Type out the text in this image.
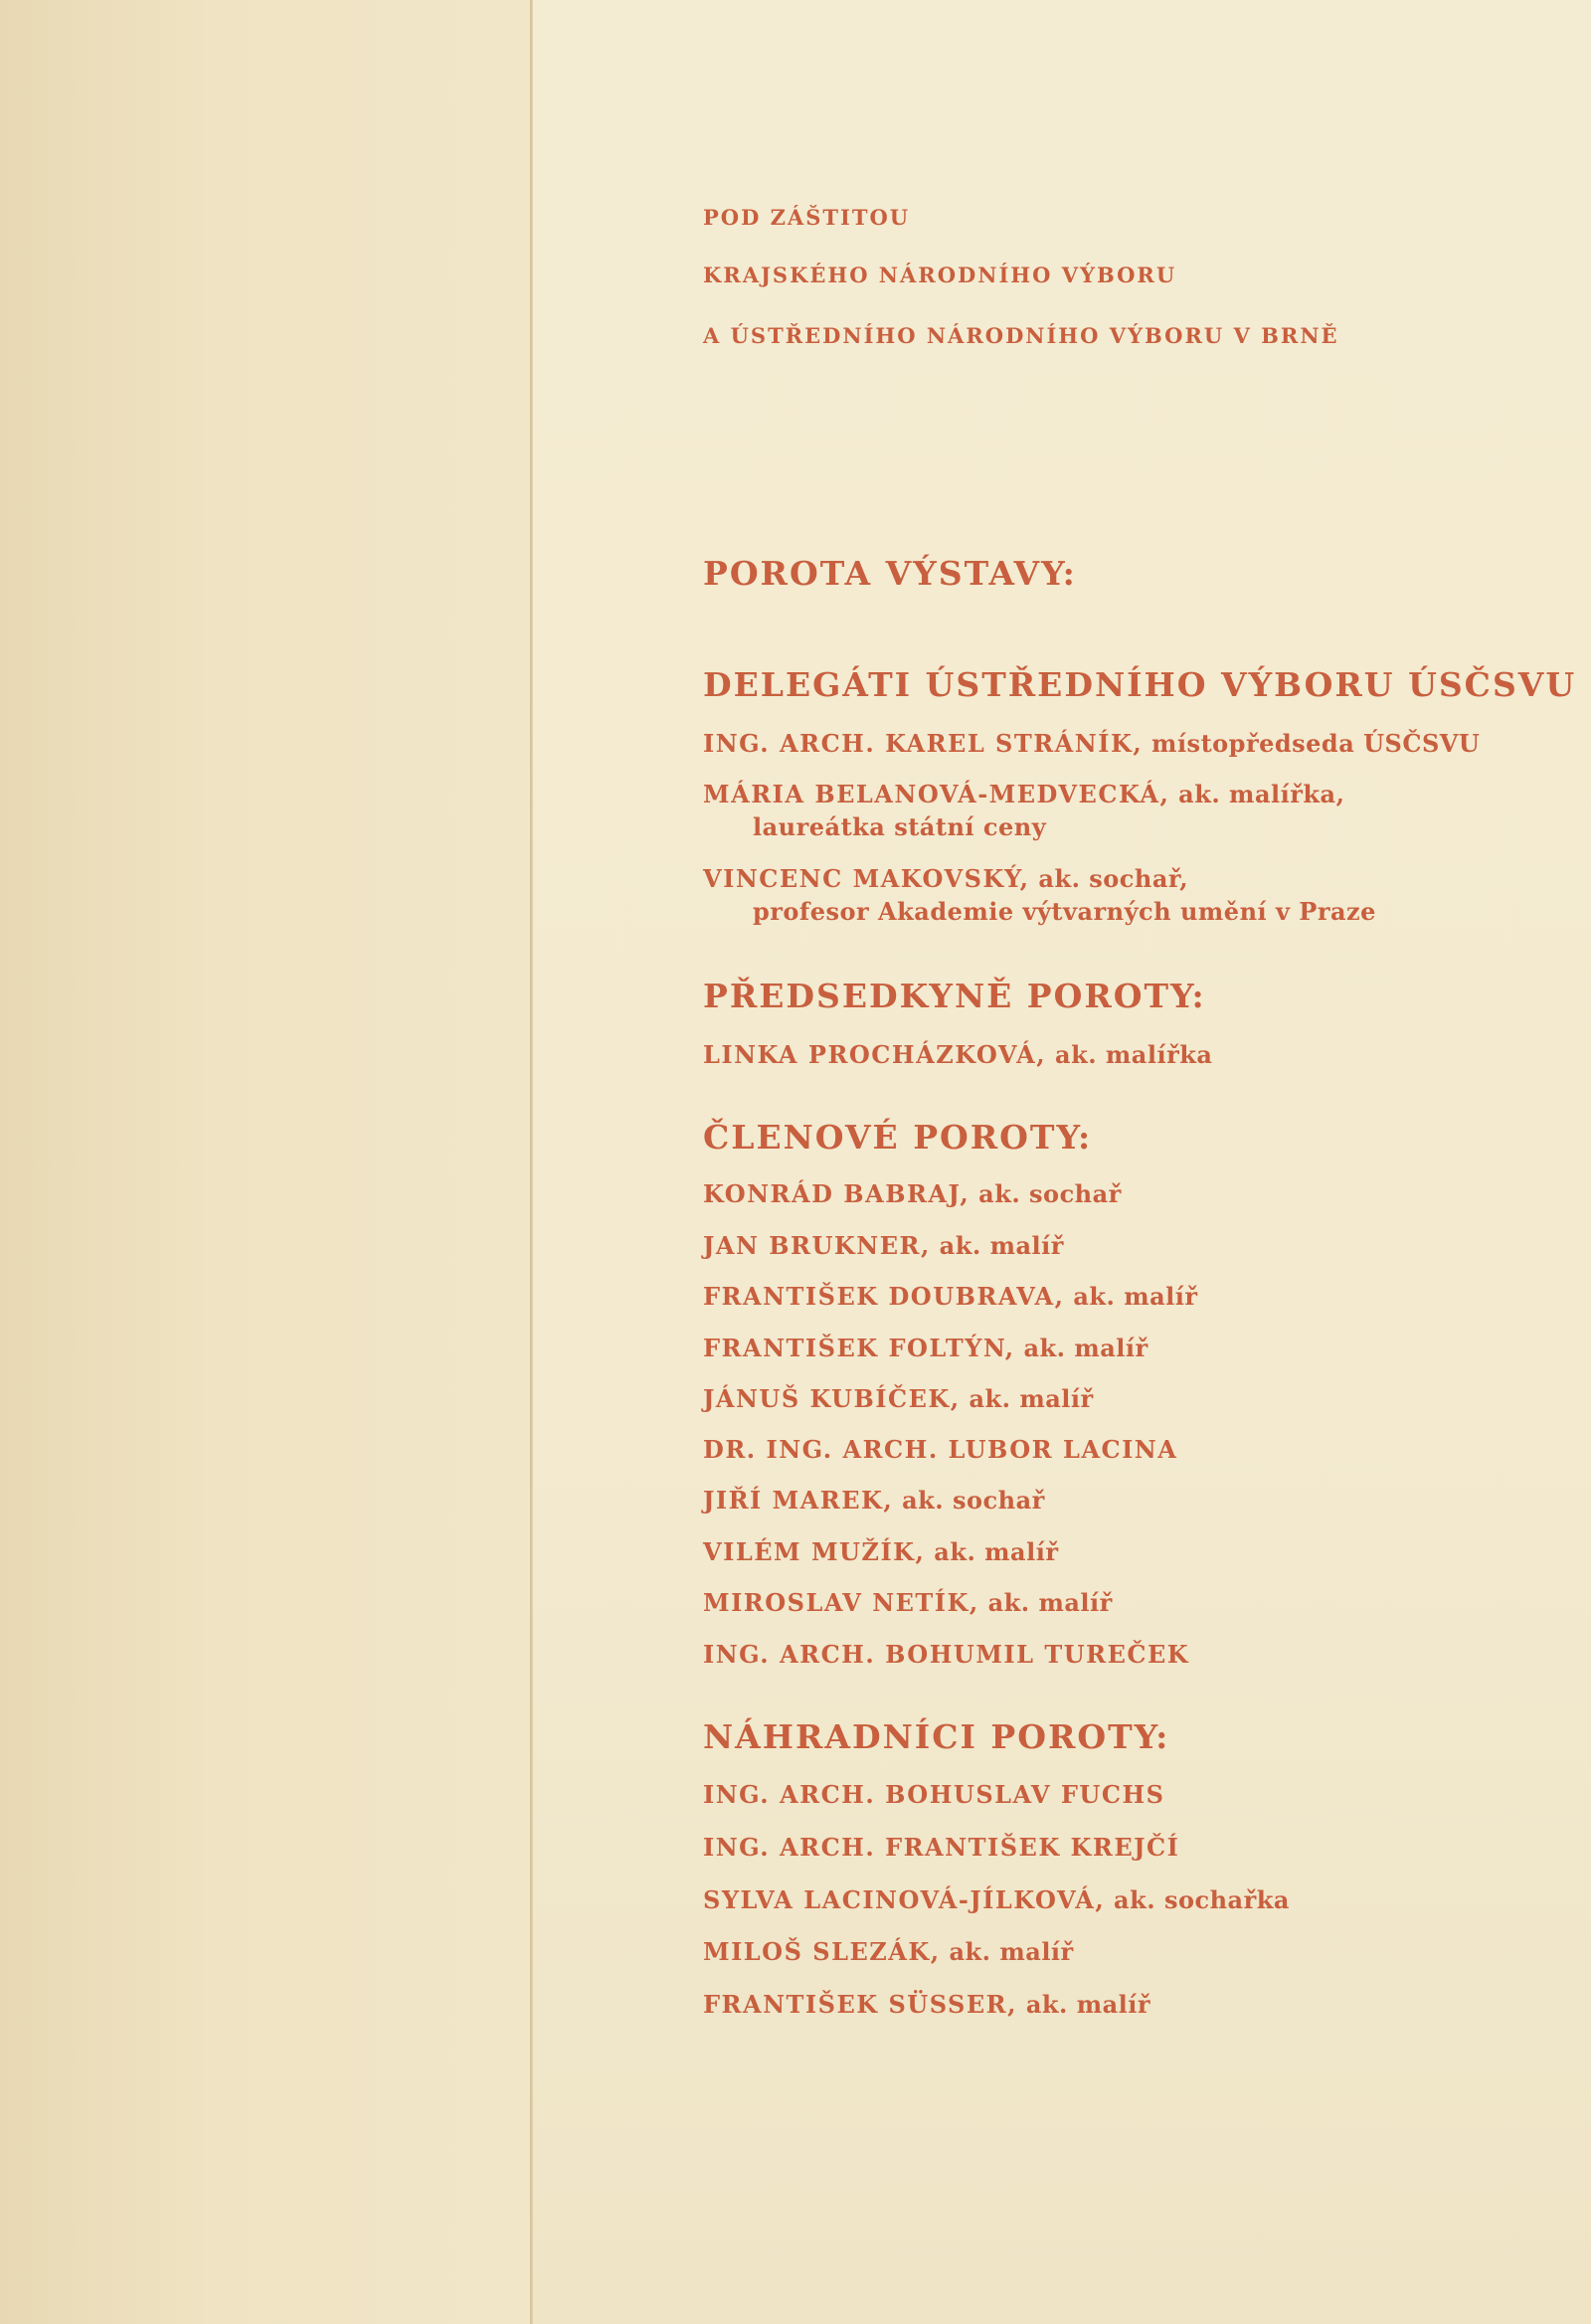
POD ZÁŠTITOU
KRAJSKÉHO NÁRODNÍHO VÝBORU
A ÚSTŘEDNÍHO NÁRODNÍHO VÝBORU V BRNĚ
POROTA VÝSTAVY:
DELEGÁTI ÚSTŘEDNÍHO VÝBORU ÚSČSVU
ING. ARCH. KAREL STRÁNÍK, místopředseda ÚSČSVU
MÁRIA BELANOVÁ-MEDVECKÁ, ak. malířka,
laureátka státní ceny
VINCENC MAKOVSKÝ, ak. sochař,
profesor Akademie výtvarných umění v Praze
PŘEDSEDKYNĚ POROTY:
LINKA PROCHÁZKOVÁ, ak. malířka
ČLENOVÉ POROTY:
KONRÁD BABRAJ, ak. sochař
JAN BRUKNER, ak. malíř
FRANTIŠEK DOUBRAVA, ak. malíř
FRANTIŠEK FOLTÝN, ak. malíř
JÁNUŠ KUBÍČEK, ak. malíř
DR. ING. ARCH. LUBOR LACINA
JIŘÍ MAREK, ak. sochař
VILÉM MUŽÍK, ak. malíř
MIROSLAV NETÍK, ak. malíř
ING. ARCH. BOHUMIL TUREČEK
NÁHRADNÍCI POROTY:
ING. ARCH. BOHUSLAV FUCHS
ING. ARCH. FRANTIŠEK KREJČÍ
SYLVA LACINOVÁ-JÍLKOVÁ, ak. sochařka
MILOŠ SLEZÁK, ak. malíř
FRANTIŠEK SÜSSER, ak. malíř
